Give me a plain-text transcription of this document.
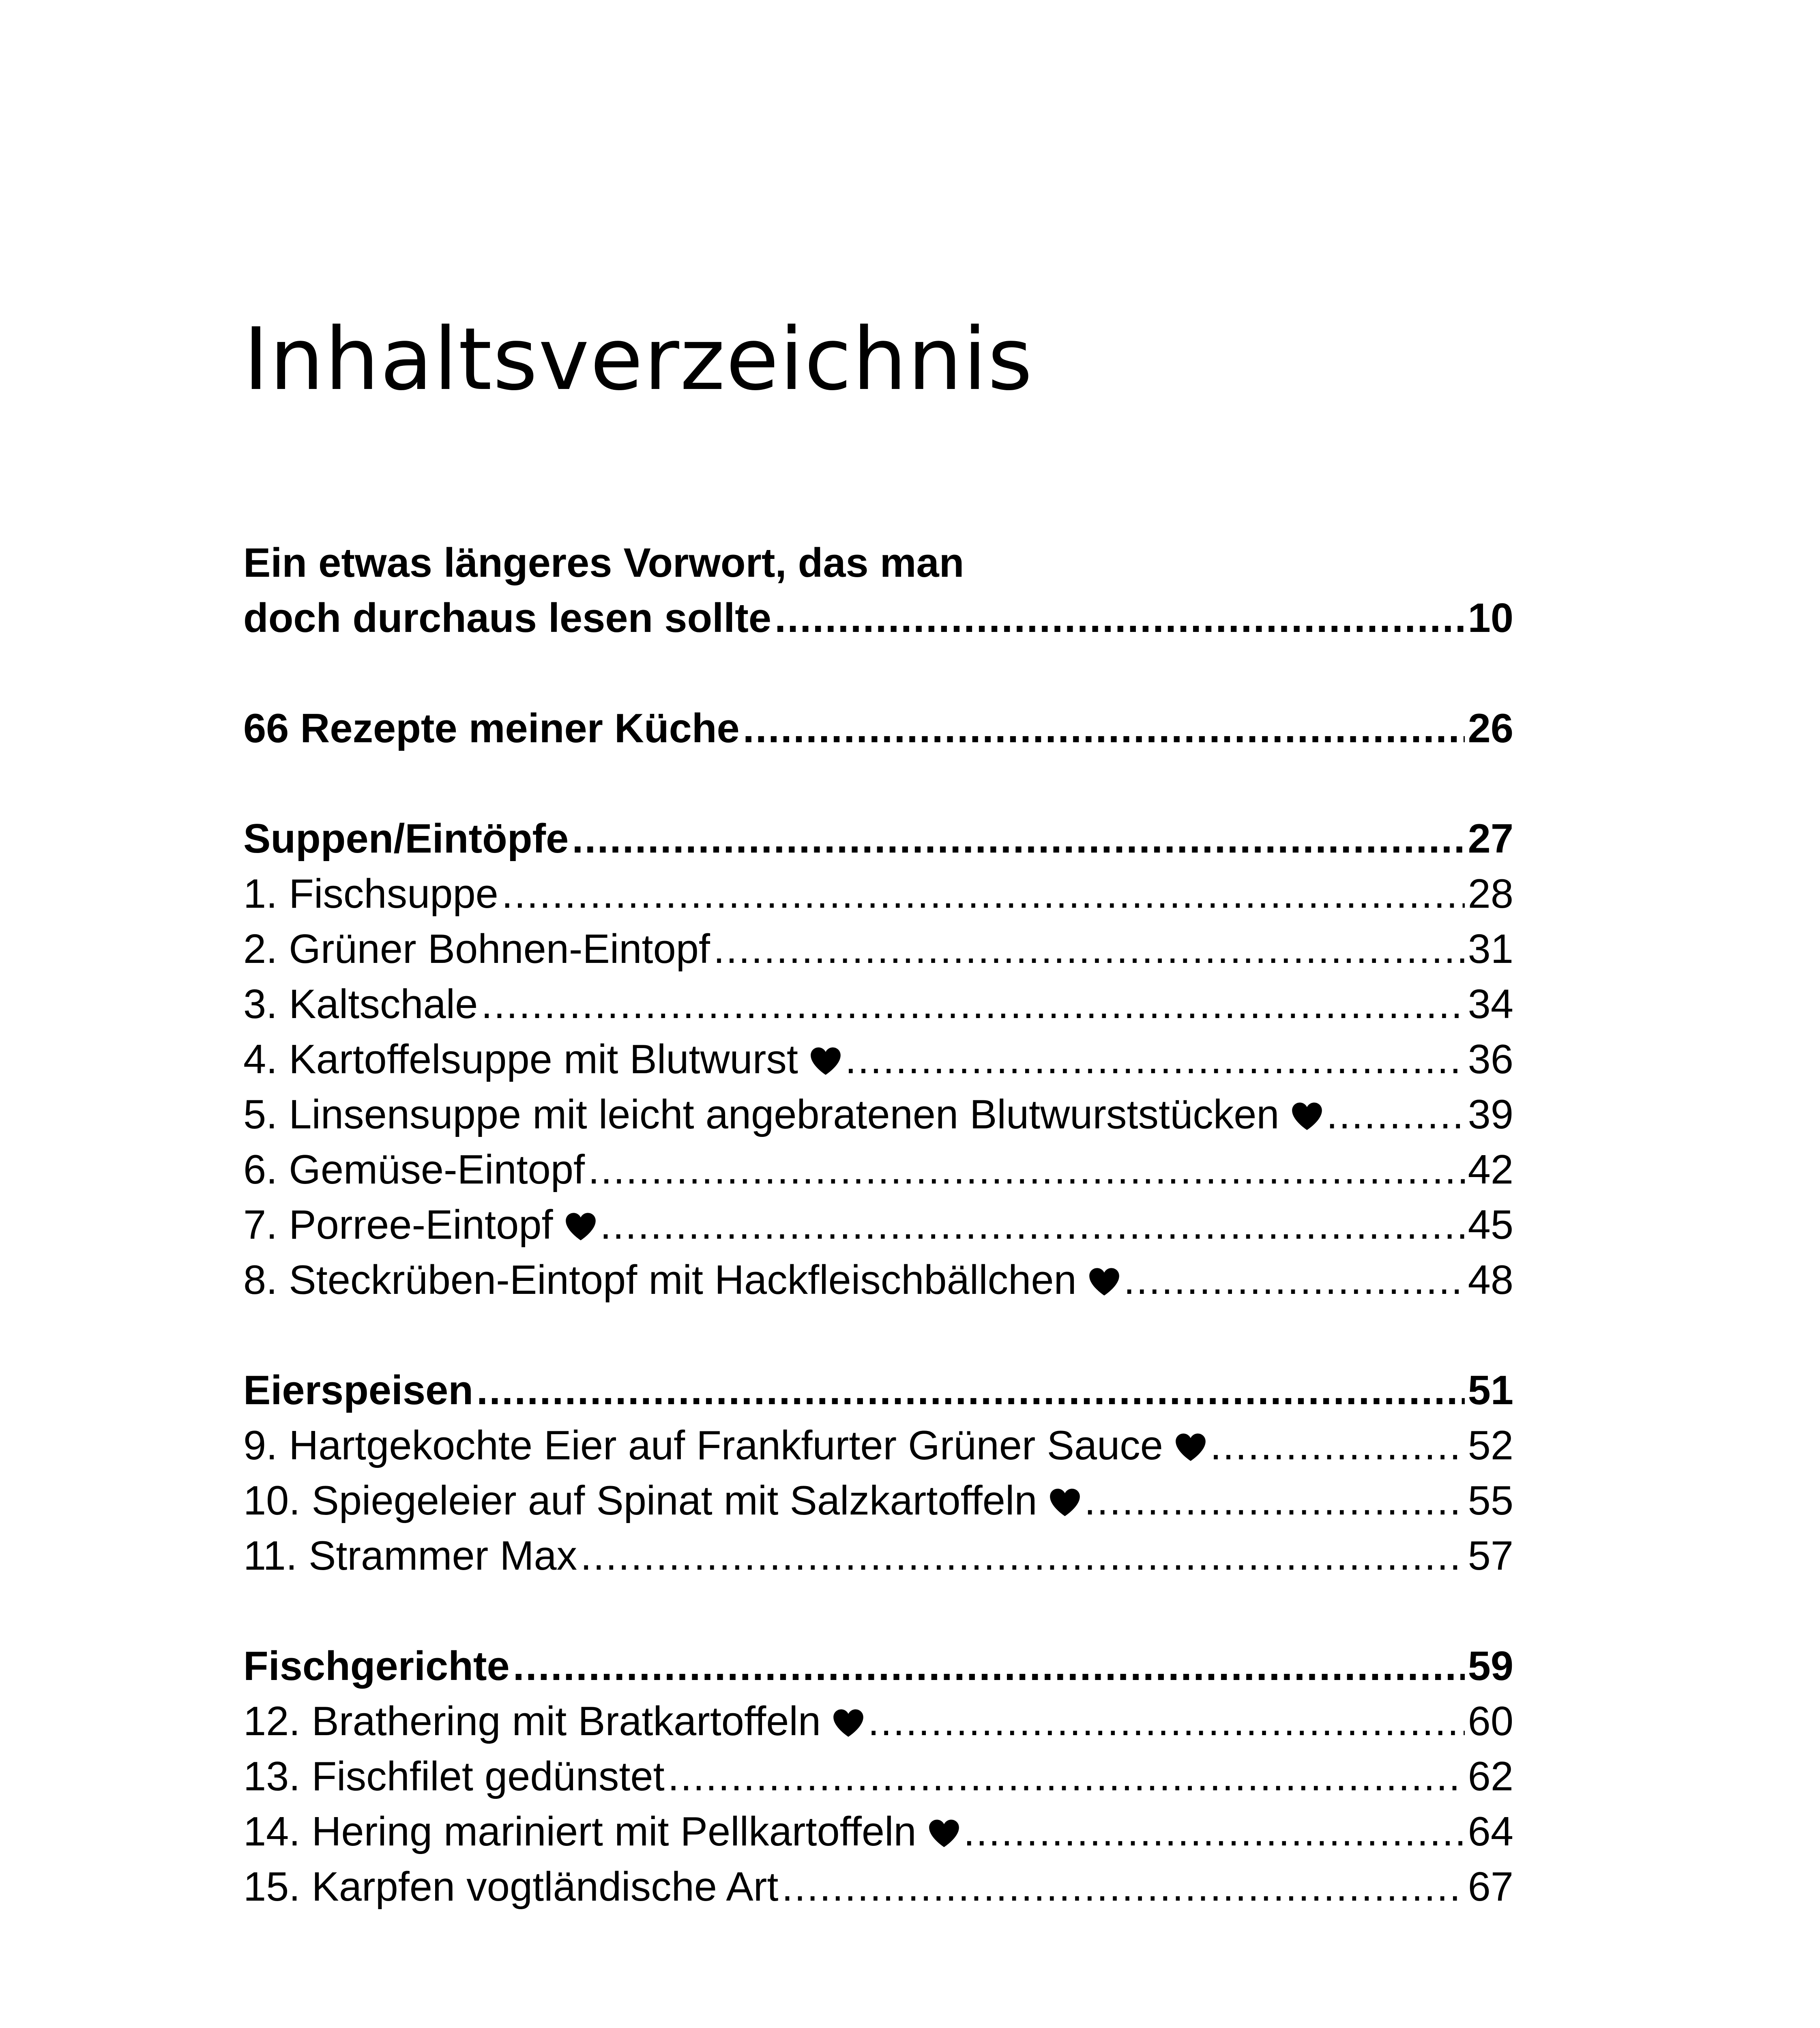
Inhaltsverzeichnis
Ein etwas längeres Vorwort, das man
doch durchaus lesen sollte .....	10
66 Rezepte meiner Küche .....	26
Suppen/Eintöpfe .....	27
1. Fischsuppe .....	28
2. Grüner Bohnen-Eintopf .....	31
3. Kaltschale .....	34
4. Kartoffelsuppe mit Blutwurst .....	36
5. Linsensuppe mit leicht angebratenen Blutwurststücken .....	39
6. Gemüse-Eintopf .....	42
7. Porree-Eintopf .....	45
8. Steckrüben-Eintopf mit Hackfleischbällchen .....	48
Eierspeisen .....	51
9. Hartgekochte Eier auf Frankfurter Grüner Sauce .....	52
10. Spiegeleier auf Spinat mit Salzkartoffeln .....	55
11. Strammer Max .....	57
Fischgerichte .....	59
12. Brathering mit Bratkartoffeln .....	60
13. Fischfilet gedünstet .....	62
14. Hering mariniert mit Pellkartoffeln .....	64
15. Karpfen vogtländische Art .....	67
